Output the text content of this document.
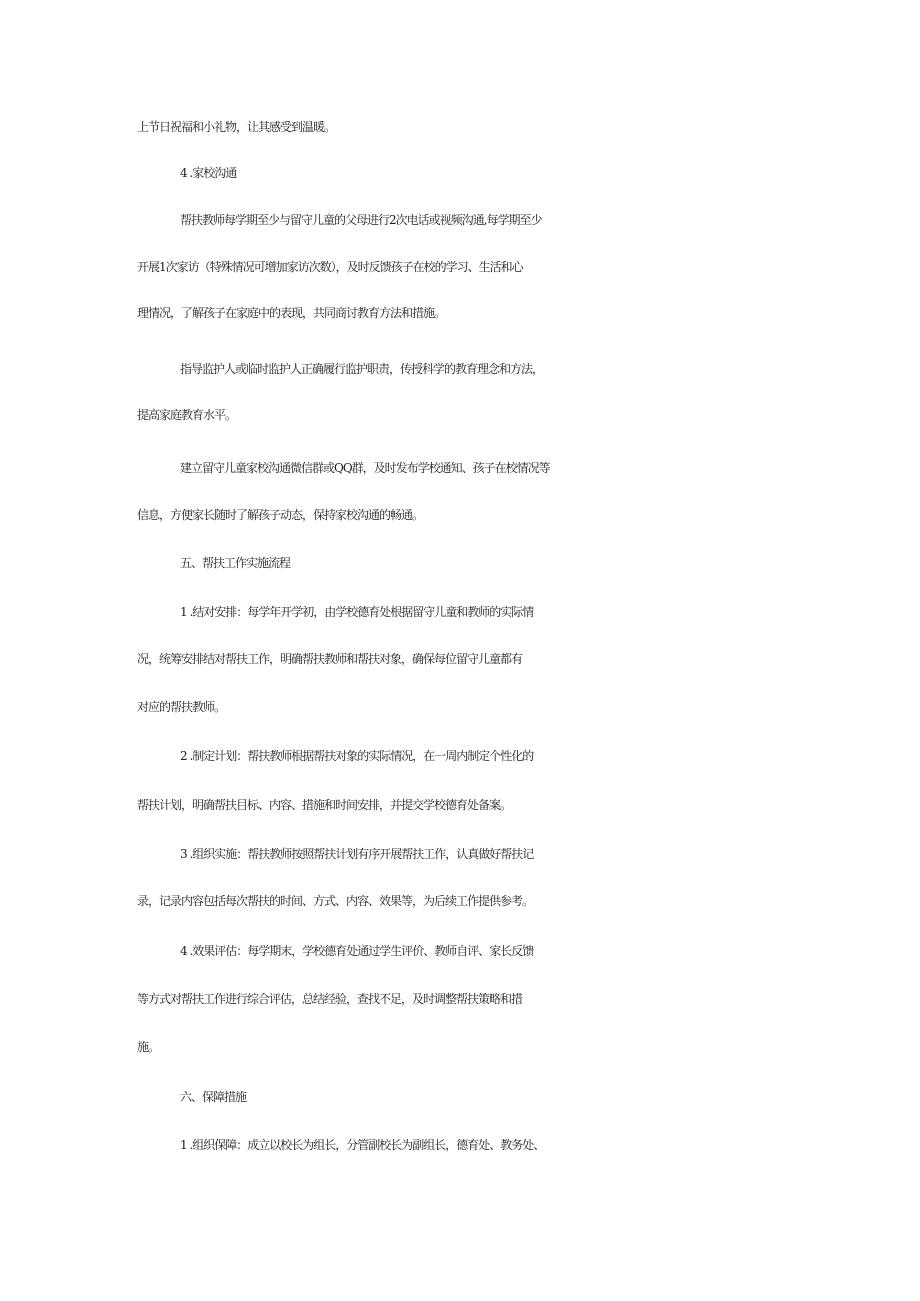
上节日祝福和小礼物，让其感受到温暖。
4 .家校沟通
帮扶教师每学期至少与留守儿童的父母进行2次电话或视频沟通,每学期至少
开展1次家访（特殊情况可增加家访次数），及时反馈孩子在校的学习、生活和心
理情况，了解孩子在家庭中的表现，共同商讨教育方法和措施。
指导监护人或临时监护人正确履行监护职责，传授科学的教育理念和方法，
提高家庭教育水平。
建立留守儿童家校沟通微信群或QQ群，及时发布学校通知、孩子在校情况等
信息，方便家长随时了解孩子动态，保持家校沟通的畅通。
五、帮扶工作实施流程
1 .结对安排：每学年开学初，由学校德育处根据留守儿童和教师的实际情
况，统筹安排结对帮扶工作，明确帮扶教师和帮扶对象，确保每位留守儿童都有
对应的帮扶教师。
2 .制定计划：帮扶教师根据帮扶对象的实际情况，在一周内制定个性化的
帮扶计划，明确帮扶目标、内容、措施和时间安排，并提交学校德育处备案。
3 .组织实施：帮扶教师按照帮扶计划有序开展帮扶工作，认真做好帮扶记
录，记录内容包括每次帮扶的时间、方式、内容、效果等，为后续工作提供参考。
4 .效果评估：每学期末，学校德育处通过学生评价、教师自评、家长反馈
等方式对帮扶工作进行综合评估，总结经验，查找不足，及时调整帮扶策略和措
施。
六、保障措施
1 .组织保障：成立以校长为组长，分管副校长为副组长，德育处、教务处、
